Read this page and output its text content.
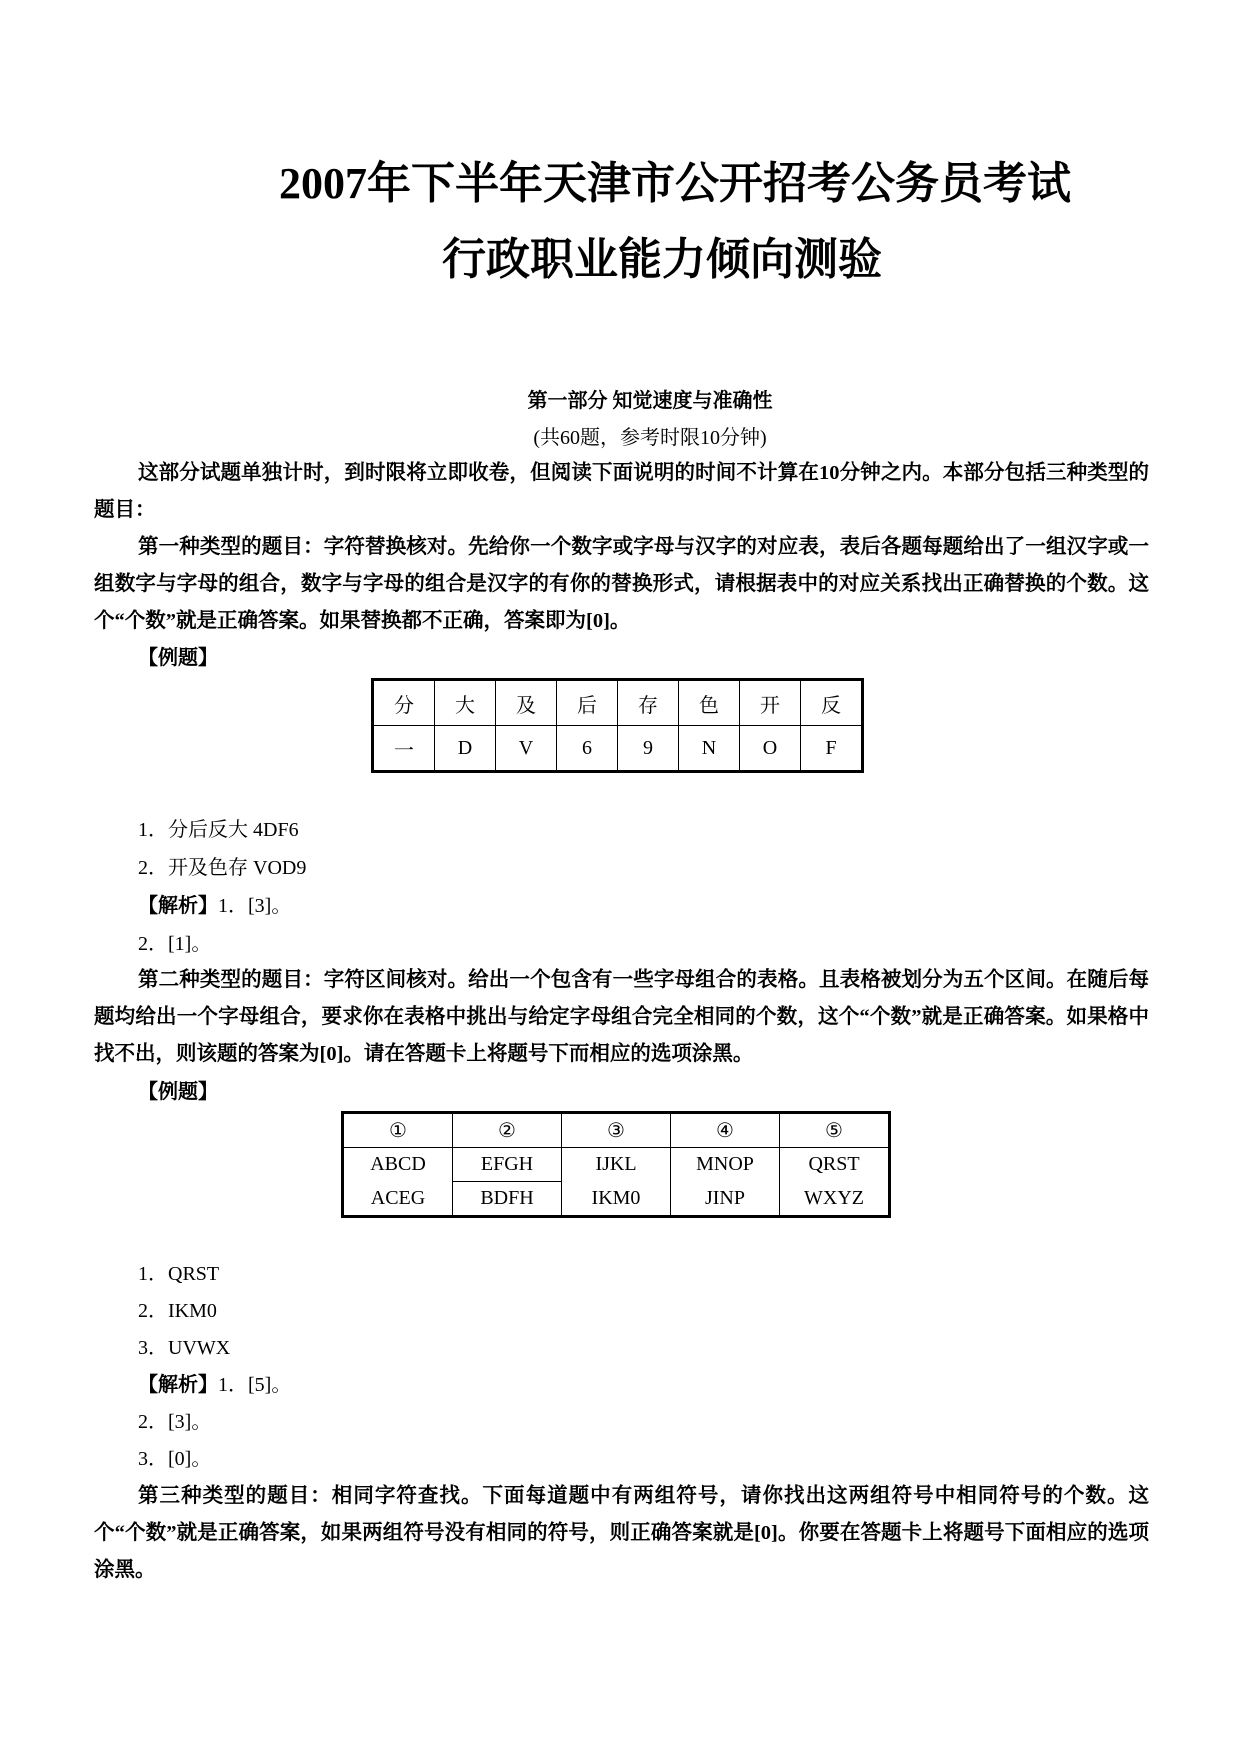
2007年下半年天津市公开招考公务员考试
行政职业能力倾向测验
第一部分 知觉速度与准确性
(共60题，参考时限10分钟)
这部分试题单独计时，到时限将立即收卷，但阅读下面说明的时间不计算在10分钟之内。本部分包括三种类型的题目：
第一种类型的题目：字符替换核对。先给你一个数字或字母与汉字的对应表，表后各题每题给出了一组汉字或一组数字与字母的组合，数字与字母的组合是汉字的有你的替换形式，请根据表中的对应关系找出正确替换的个数。这个“个数”就是正确答案。如果替换都不正确，答案即为[0]。
【例题】
分	大	及	后	存	色	开	反
一	D	V	6	9	N	O	F
1．分后反大 4DF6
2．开及色存 VOD9
【解析】1．[3]。
2．[1]。
第二种类型的题目：字符区间核对。给出一个包含有一些字母组合的表格。且表格被划分为五个区间。在随后每题均给出一个字母组合，要求你在表格中挑出与给定字母组合完全相同的个数，这个“个数”就是正确答案。如果格中找不出，则该题的答案为[0]。请在答题卡上将题号下而相应的选项涂黑。
【例题】
①	②	③	④	⑤
ABCD	EFGH	IJKL	MNOP	QRST
ACEG	BDFH	IKM0	JINP	WXYZ
1．QRST
2．IKM0
3．UVWX
【解析】1．[5]。
2．[3]。
3．[0]。
第三种类型的题目：相同字符查找。下面每道题中有两组符号，请你找出这两组符号中相同符号的个数。这个“个数”就是正确答案，如果两组符号没有相同的符号，则正确答案就是[0]。你要在答题卡上将题号下面相应的选项涂黑。
